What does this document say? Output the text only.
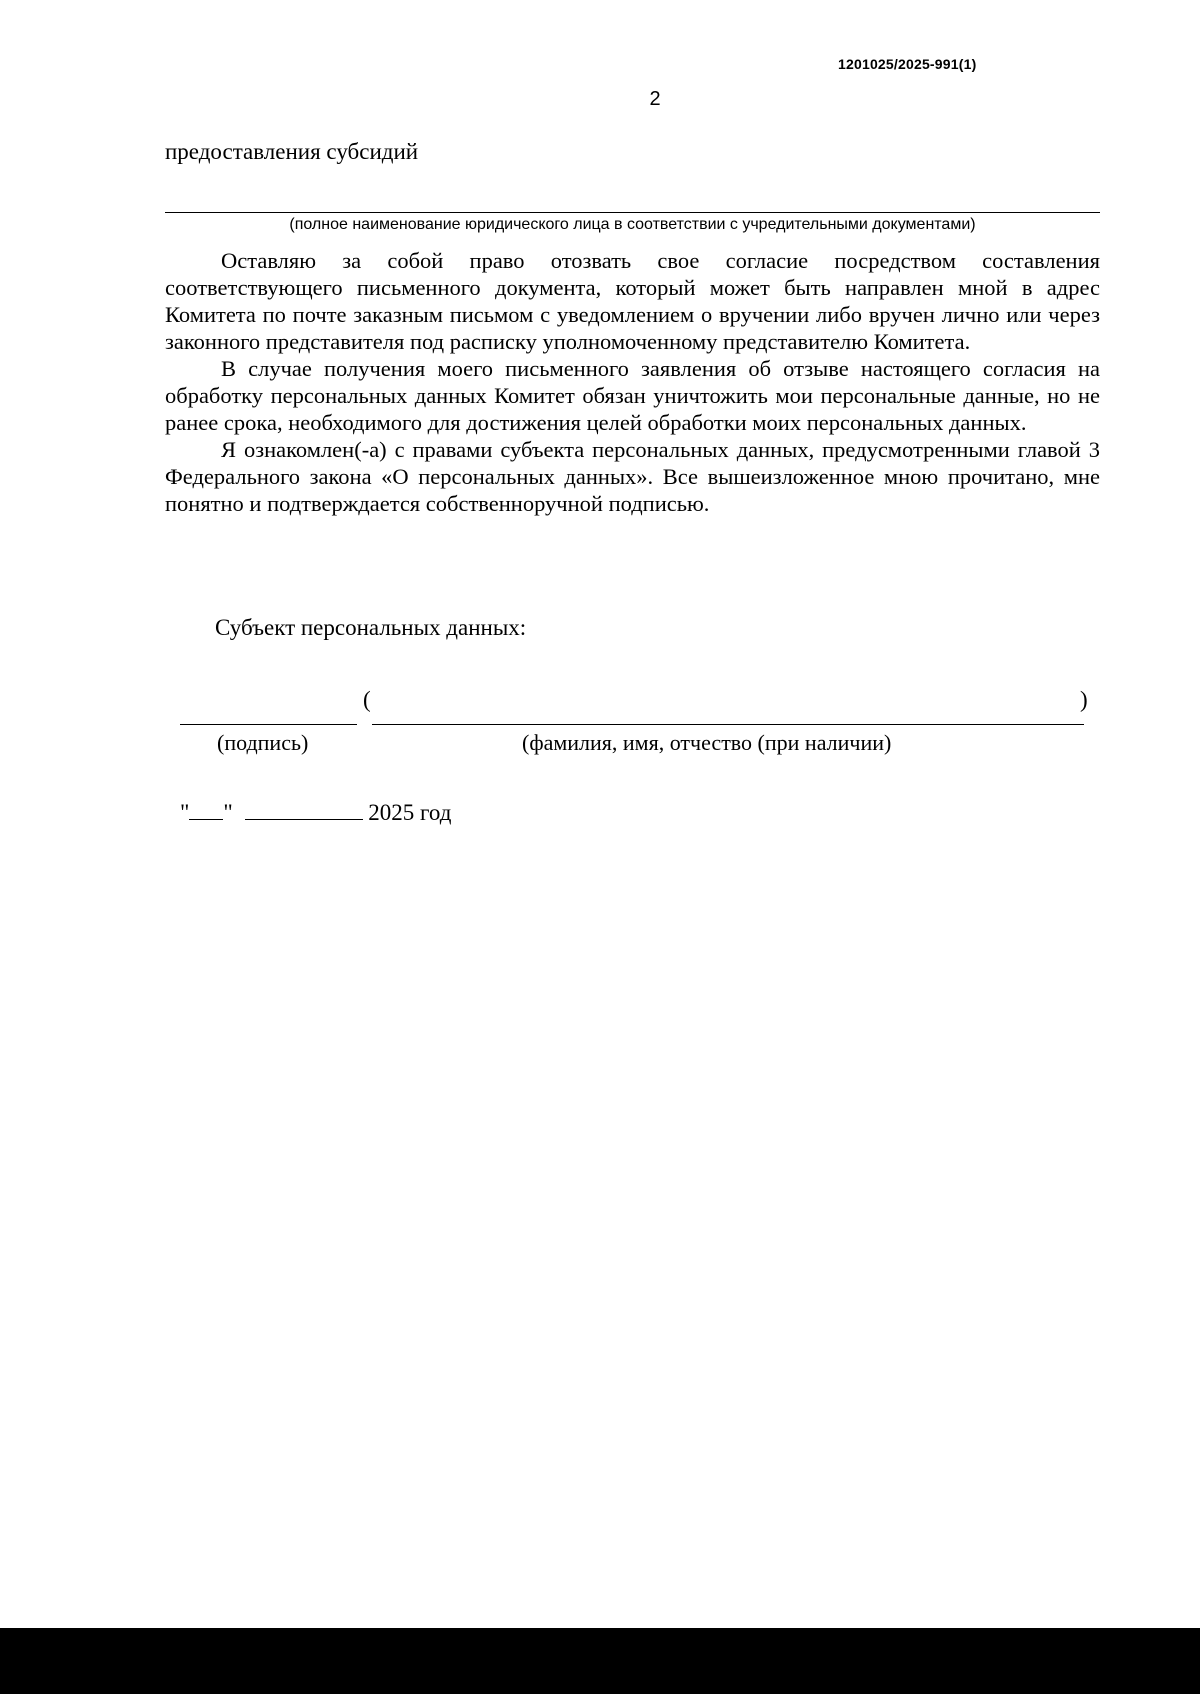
1201025/2025-991(1)
2
предоставления субсидий
(полное наименование юридического лица в соответствии с учредительными документами)

Оставляю за собой право отозвать свое согласие посредством составления соответствующего письменного документа, который может быть направлен мной в адрес Комитета по почте заказным письмом с уведомлением о вручении либо вручен лично или через законного представителя под расписку уполномоченному представителю Комитета.

В случае получения моего письменного заявления об отзыве настоящего согласия на обработку персональных данных Комитет обязан уничтожить мои персональные данные, но не ранее срока, необходимого для достижения целей обработки моих персональных данных.

Я ознакомлен(-а) с правами субъекта персональных данных, предусмотренными главой 3 Федерального закона «О персональных данных». Все вышеизложенное мною прочитано, мне понятно и подтверждается собственноручной подписью.

Субъект персональных данных:
(	)
(подпись)	(фамилия, имя, отчество (при наличии)
" "	2025 год
